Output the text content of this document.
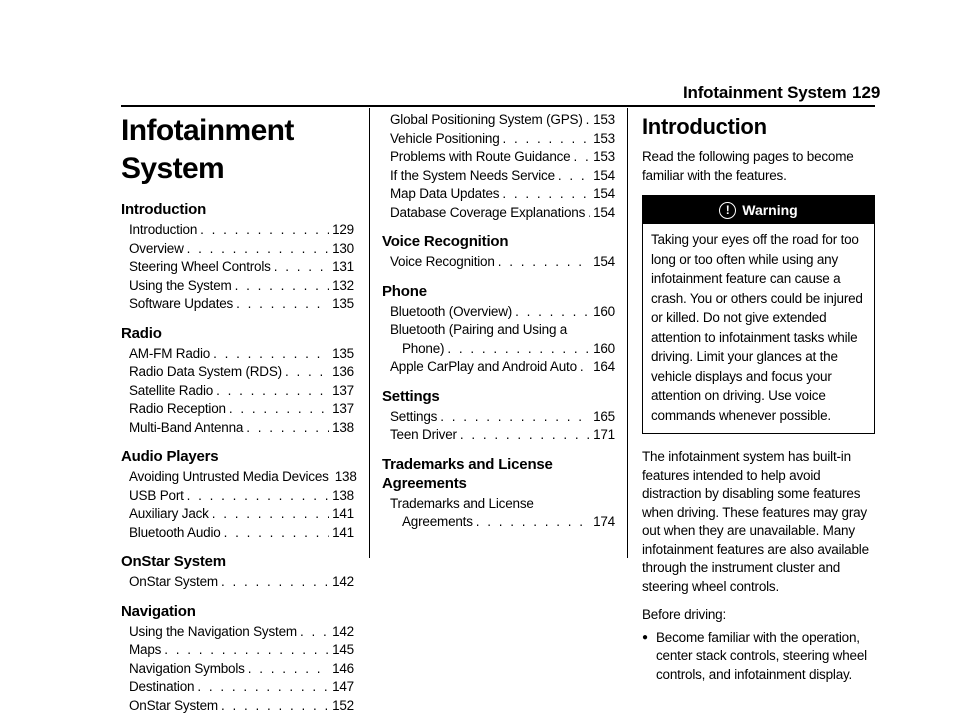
Infotainment System 129
Infotainment System
Introduction
Introduction . . .	129
Overview . . .	130
Steering Wheel Controls . . .	131
Using the System . . .	132
Software Updates . . .	135
Radio
AM-FM Radio . . .	135
Radio Data System (RDS) . . .	136
Satellite Radio . . .	137
Radio Reception . . .	137
Multi-Band Antenna . . .	138
Audio Players
Avoiding Untrusted Media Devices 138
USB Port . . .	138
Auxiliary Jack . . .	141
Bluetooth Audio . . .	141
OnStar System
OnStar System . . .	142
Navigation
Using the Navigation System . . .	142
Maps . . .	145
Navigation Symbols . . .	146
Destination . . .	147
OnStar System . . .	152
Global Positioning System (GPS) . . . 153
Vehicle Positioning . . .	153
Problems with Route Guidance . . . 153
If the System Needs Service . . .	154
Map Data Updates . . .	154
Database Coverage Explanations . . . 154
Voice Recognition
Voice Recognition . . .	154
Phone
Bluetooth (Overview) . . .	160
Bluetooth (Pairing and Using a
Phone) . . .	160
Apple CarPlay and Android Auto . . . 164
Settings
Settings . . .	165
Teen Driver . . .	171
Trademarks and License Agreements
Trademarks and License
Agreements . . .	174
Introduction

Read the following pages to become familiar with the features.

! Warning
Taking your eyes off the road for too long or too often while using any infotainment feature can cause a crash. You or others could be injured or killed. Do not give extended attention to infotainment tasks while driving. Limit your glances at the vehicle displays and focus your attention on driving. Use voice commands whenever possible.

The infotainment system has built-in features intended to help avoid distraction by disabling some features when driving. These features may gray out when they are unavailable. Many infotainment features are also available through the instrument cluster and steering wheel controls.

Before driving:

● Become familiar with the operation, center stack controls, steering wheel controls, and infotainment display.
